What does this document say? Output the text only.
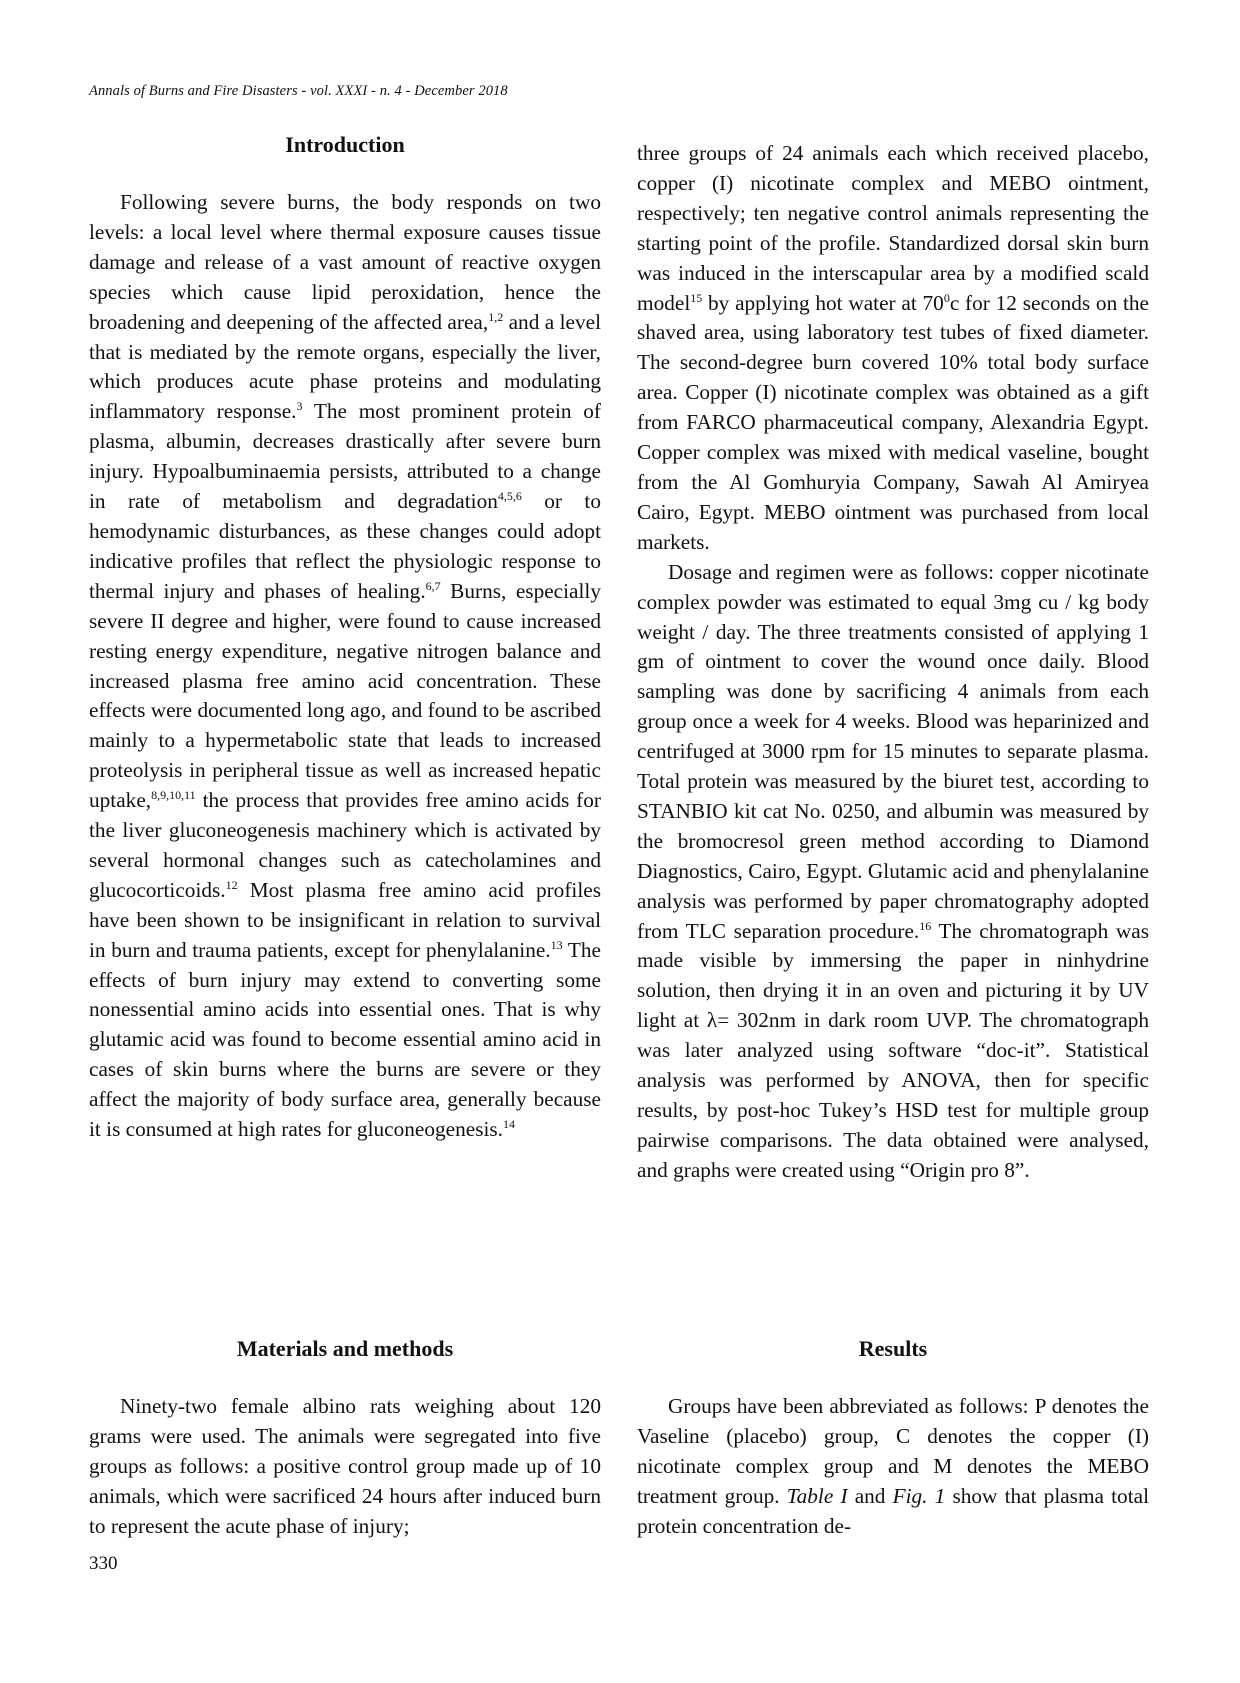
Annals of Burns and Fire Disasters - vol. XXXI - n. 4 - December 2018
Introduction

Following severe burns, the body responds on two levels: a local level where thermal exposure causes tissue damage and release of a vast amount of reactive oxygen species which cause lipid peroxidation, hence the broadening and deepening of the affected area,$^{1,2}$ and a level that is mediated by the remote organs, especially the liver, which produces acute phase proteins and modulating inflammatory response.$^3$ The most prominent protein of plasma, albumin, decreases drastically after severe burn injury. Hypoalbuminaemia persists, attributed to a change in rate of metabolism and degradation$^{4,5,6}$ or to hemodynamic disturbances, as these changes could adopt indicative profiles that reflect the physiologic response to thermal injury and phases of healing.$^{6,7}$ Burns, especially severe II degree and higher, were found to cause increased resting energy expenditure, negative nitrogen balance and increased plasma free amino acid concentration. These effects were documented long ago, and found to be ascribed mainly to a hypermetabolic state that leads to increased proteolysis in peripheral tissue as well as increased hepatic uptake,$^{8,9,10,11}$ the process that provides free amino acids for the liver gluconeogenesis machinery which is activated by several hormonal changes such as catecholamines and glucocorticoids.$^{12}$ Most plasma free amino acid profiles have been shown to be insignificant in relation to survival in burn and trauma patients, except for phenylalanine.$^{13}$ The effects of burn injury may extend to converting some nonessential amino acids into essential ones. That is why glutamic acid was found to become essential amino acid in cases of skin burns where the burns are severe or they affect the majority of body surface area, generally because it is consumed at high rates for gluconeogenesis.$^{14}$

Materials and methods

Ninety-two female albino rats weighing about 120 grams were used. The animals were segregated into five groups as follows: a positive control group made up of 10 animals, which were sacrificed 24 hours after induced burn to represent the acute phase of injury;

three groups of 24 animals each which received placebo, copper (I) nicotinate complex and MEBO ointment, respectively; ten negative control animals representing the starting point of the profile. Standardized dorsal skin burn was induced in the interscapular area by a modified scald model$^{15}$ by applying hot water at $70^0c$ for 12 seconds on the shaved area, using laboratory test tubes of fixed diameter. The second-degree burn covered 10% total body surface area. Copper (I) nicotinate complex was obtained as a gift from FARCO pharmaceutical company, Alexandria Egypt. Copper complex was mixed with medical vaseline, bought from the Al Gomhuryia Company, Sawah Al Amiryea Cairo, Egypt. MEBO ointment was purchased from local markets.

Dosage and regimen were as follows: copper nicotinate complex powder was estimated to equal 3mg cu / kg body weight / day. The three treatments consisted of applying 1 gm of ointment to cover the wound once daily. Blood sampling was done by sacrificing 4 animals from each group once a week for 4 weeks. Blood was heparinized and centrifuged at 3000 rpm for 15 minutes to separate plasma. Total protein was measured by the biuret test, according to STANBIO kit cat No. 0250, and albumin was measured by the bromocresol green method according to Diamond Diagnostics, Cairo, Egypt. Glutamic acid and phenylalanine analysis was performed by paper chromatography adopted from TLC separation procedure.$^{16}$ The chromatograph was made visible by immersing the paper in ninhydrine solution, then drying it in an oven and picturing it by UV light at λ= 302nm in dark room UVP. The chromatograph was later analyzed using software “doc-it”. Statistical analysis was performed by ANOVA, then for specific results, by post-hoc Tukey’s HSD test for multiple group pairwise comparisons. The data obtained were analysed, and graphs were created using “Origin pro 8”.

Results

Groups have been abbreviated as follows: P denotes the Vaseline (placebo) group, C denotes the copper (I) nicotinate complex group and M denotes the MEBO treatment group. Table I and Fig. 1 show that plasma total protein concentration de-

330
